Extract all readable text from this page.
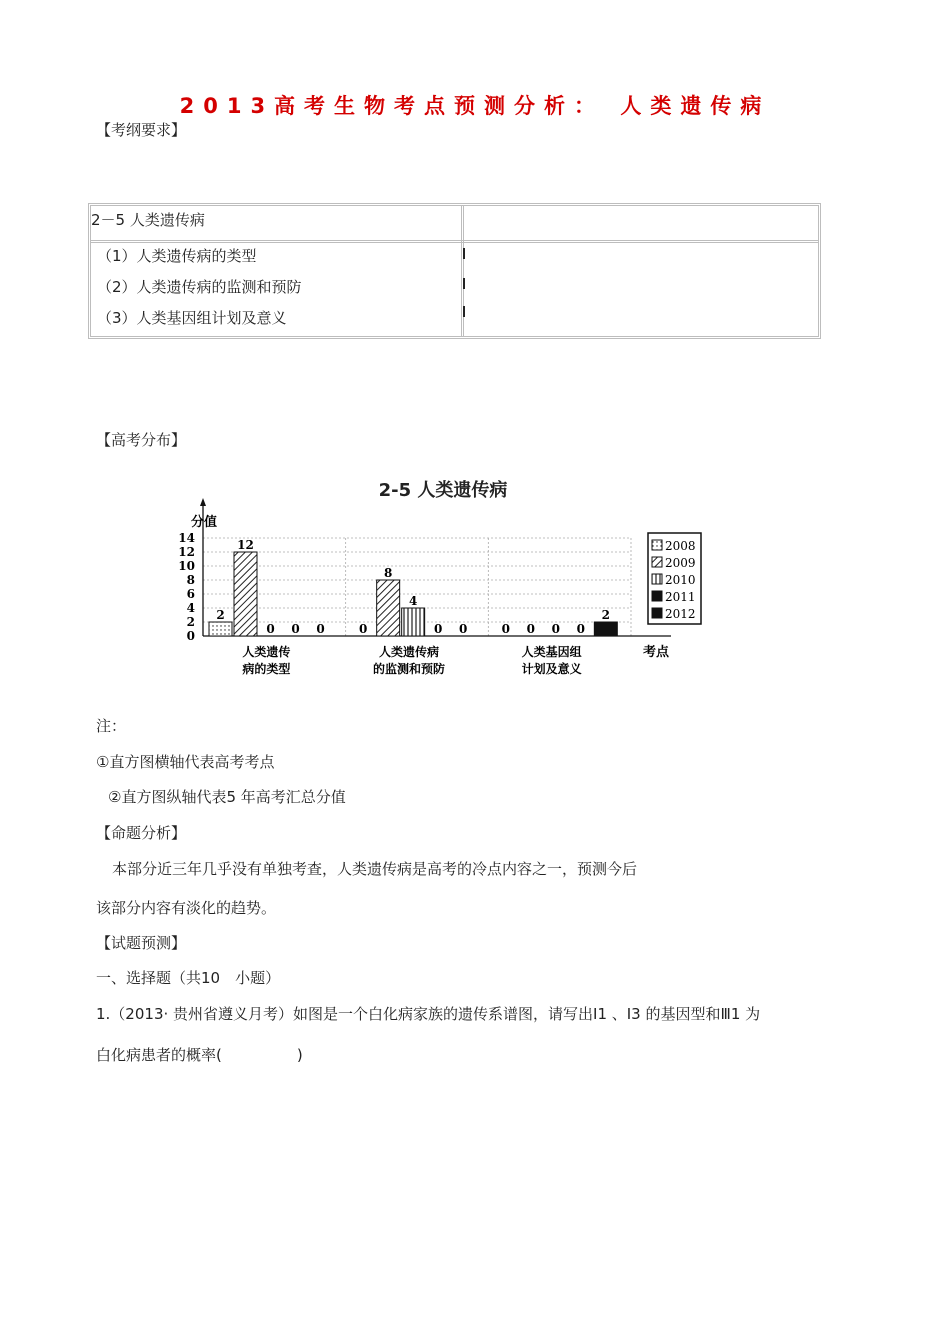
2013高考生物考点预测分析： 人类遗传病
【考纲要求】
2－5 人类遗传病
（1）人类遗传病的类型
（2）人类遗传病的监测和预防
（3）人类基因组计划及意义
【高考分布】
2-5 人类遗传病
0
2
4
6
8
10
12
14
分值
考点
2
12
0 0 0
人类遗传
病的类型
0
8
4
0 0
人类遗传病
的监测和预防
0 0 0 0
2
人类基因组
计划及意义
2008
2009
2010
2011
2012
注：
①直方图横轴代表高考考点
②直方图纵轴代表5 年高考汇总分值
【命题分析】
本部分近三年几乎没有单独考查，人类遗传病是高考的冷点内容之一，预测今后
该部分内容有淡化的趋势。
【试题预测】
一、选择题（共10　小题）
1.（2013· 贵州省遵义月考）如图是一个白化病家族的遗传系谱图，请写出Ⅰ1 、Ⅰ3 的基因型和Ⅲ1 为
白化病患者的概率(　　　　　)
